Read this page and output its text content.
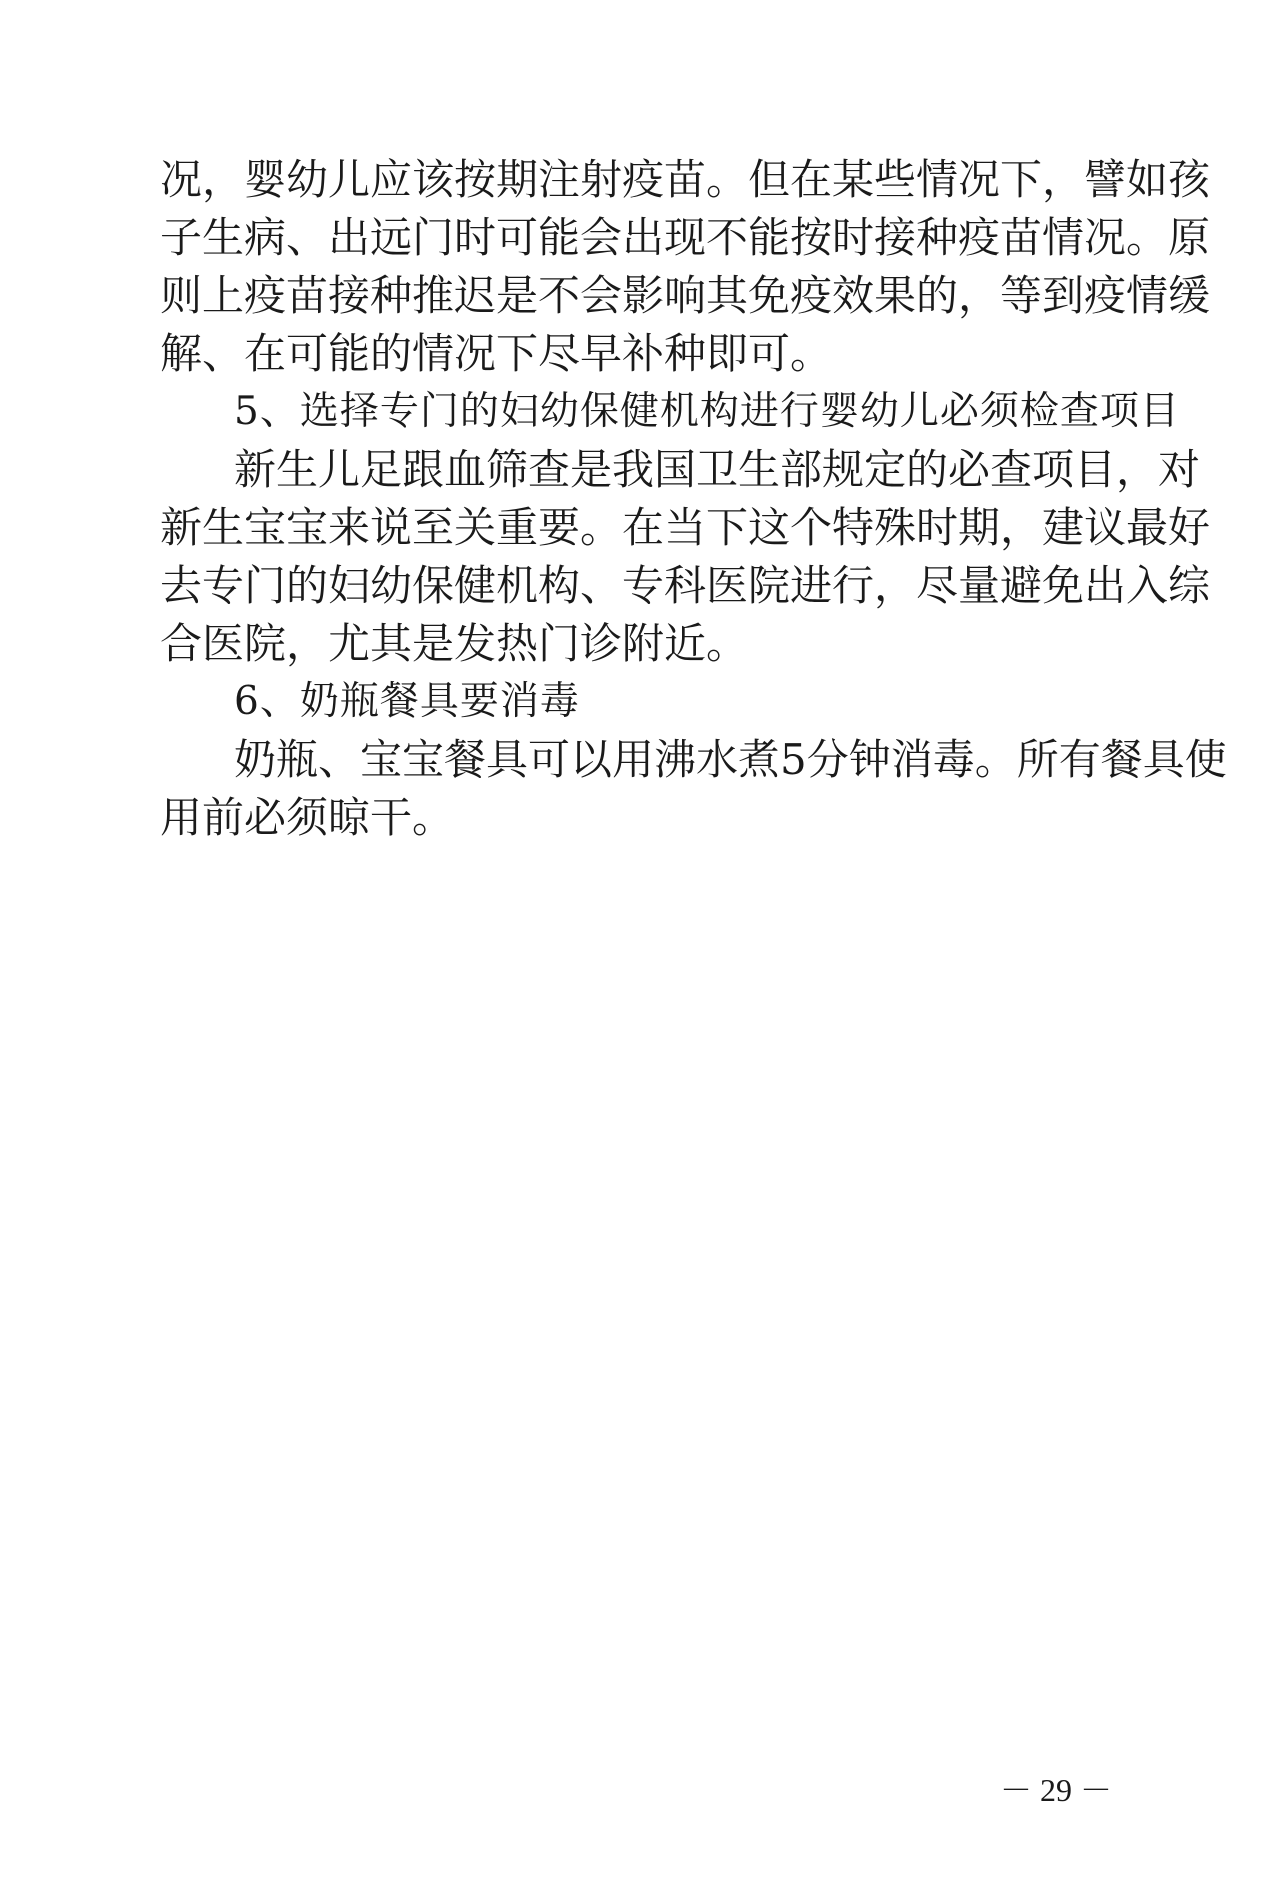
况，婴幼儿应该按期注射疫苗。但在某些情况下，譬如孩
子生病、出远门时可能会出现不能按时接种疫苗情况。原
则上疫苗接种推迟是不会影响其免疫效果的，等到疫情缓
解、在可能的情况下尽早补种即可。
5、选择专门的妇幼保健机构进行婴幼儿必须检查项目
新生儿足跟血筛查是我国卫生部规定的必查项目，对
新生宝宝来说至关重要。在当下这个特殊时期，建议最好
去专门的妇幼保健机构、专科医院进行，尽量避免出入综
合医院，尤其是发热门诊附近。
6、奶瓶餐具要消毒
奶瓶、宝宝餐具可以用沸水煮5分钟消毒。所有餐具使
用前必须晾干。
－ 29 －
